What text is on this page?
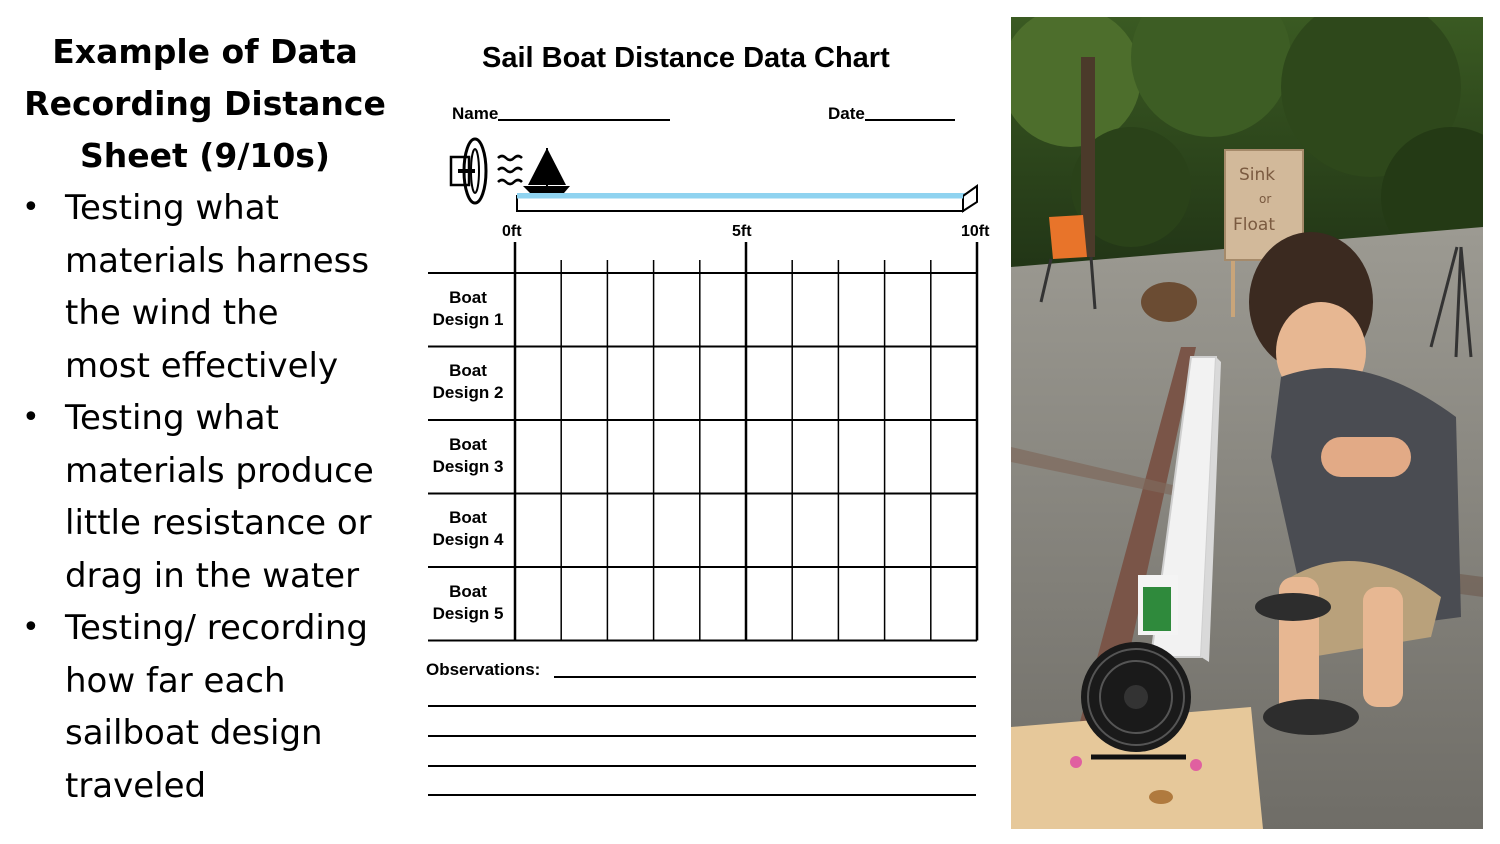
Example of Data
Recording Distance
Sheet (9/10s)
• Testing what
materials harness
the wind the
most effectively
• Testing what
materials produce
little resistance or
drag in the water
• Testing/ recording
how far each
sailboat design
traveled
Sail Boat Distance Data Chart
Name	Date
0ft	5ft	10ft
Boat
Design 1
Boat
Design 2
Boat
Design 3
Boat
Design 4
Boat
Design 5
Observations:
Sink
or
Float
